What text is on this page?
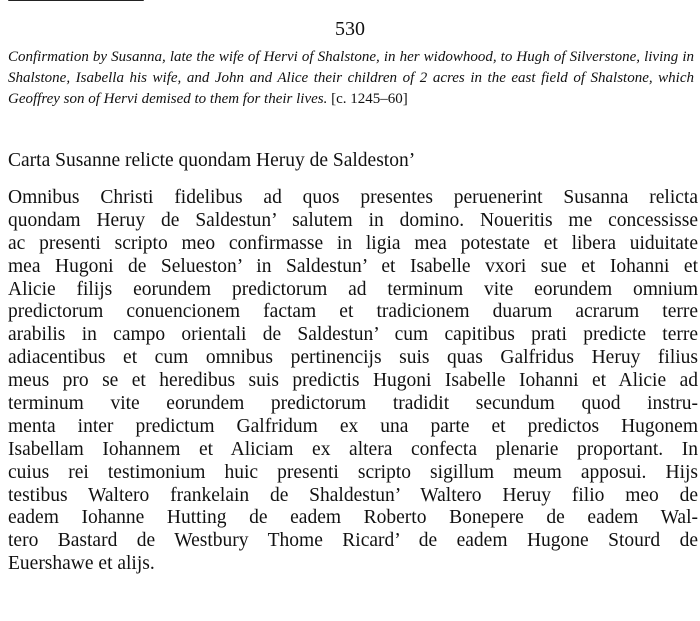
530
Confirmation by Susanna, late the wife of Hervi of Shalstone, in her widowhood, to Hugh of Silverstone, living in Shalstone, Isabella his wife, and John and Alice their children of 2 acres in the east field of Shalstone, which Geoffrey son of Hervi demised to them for their lives. [c. 1245–60]
Carta Susanne relicte quondam Heruy de Saldeston’
Omnibus Christi fidelibus ad quos presentes peruenerint Susanna relicta
quondam Heruy de Saldestun’ salutem in domino. Noueritis me concessisse
ac presenti scripto meo confirmasse in ligia mea potestate et libera uiduitate
mea Hugoni de Selueston’ in Saldestun’ et Isabelle vxori sue et Iohanni et
Alicie filijs eorundem predictorum ad terminum vite eorundem omnium
predictorum conuencionem factam et tradicionem duarum acrarum terre
arabilis in campo orientali de Saldestun’ cum capitibus prati predicte terre
adiacentibus et cum omnibus pertinencijs suis quas Galfridus Heruy filius
meus pro se et heredibus suis predictis Hugoni Isabelle Iohanni et Alicie ad
terminum vite eorundem predictorum tradidit secundum quod instru-
menta inter predictum Galfridum ex una parte et predictos Hugonem
Isabellam Iohannem et Aliciam ex altera confecta plenarie proportant. In
cuius rei testimonium huic presenti scripto sigillum meum apposui. Hijs
testibus Waltero frankelain de Shaldestun’ Waltero Heruy filio meo de
eadem Iohanne Hutting de eadem Roberto Bonepere de eadem Wal-
tero Bastard de Westbury Thome Ricard’ de eadem Hugone Stourd de
Euershawe et alijs.
